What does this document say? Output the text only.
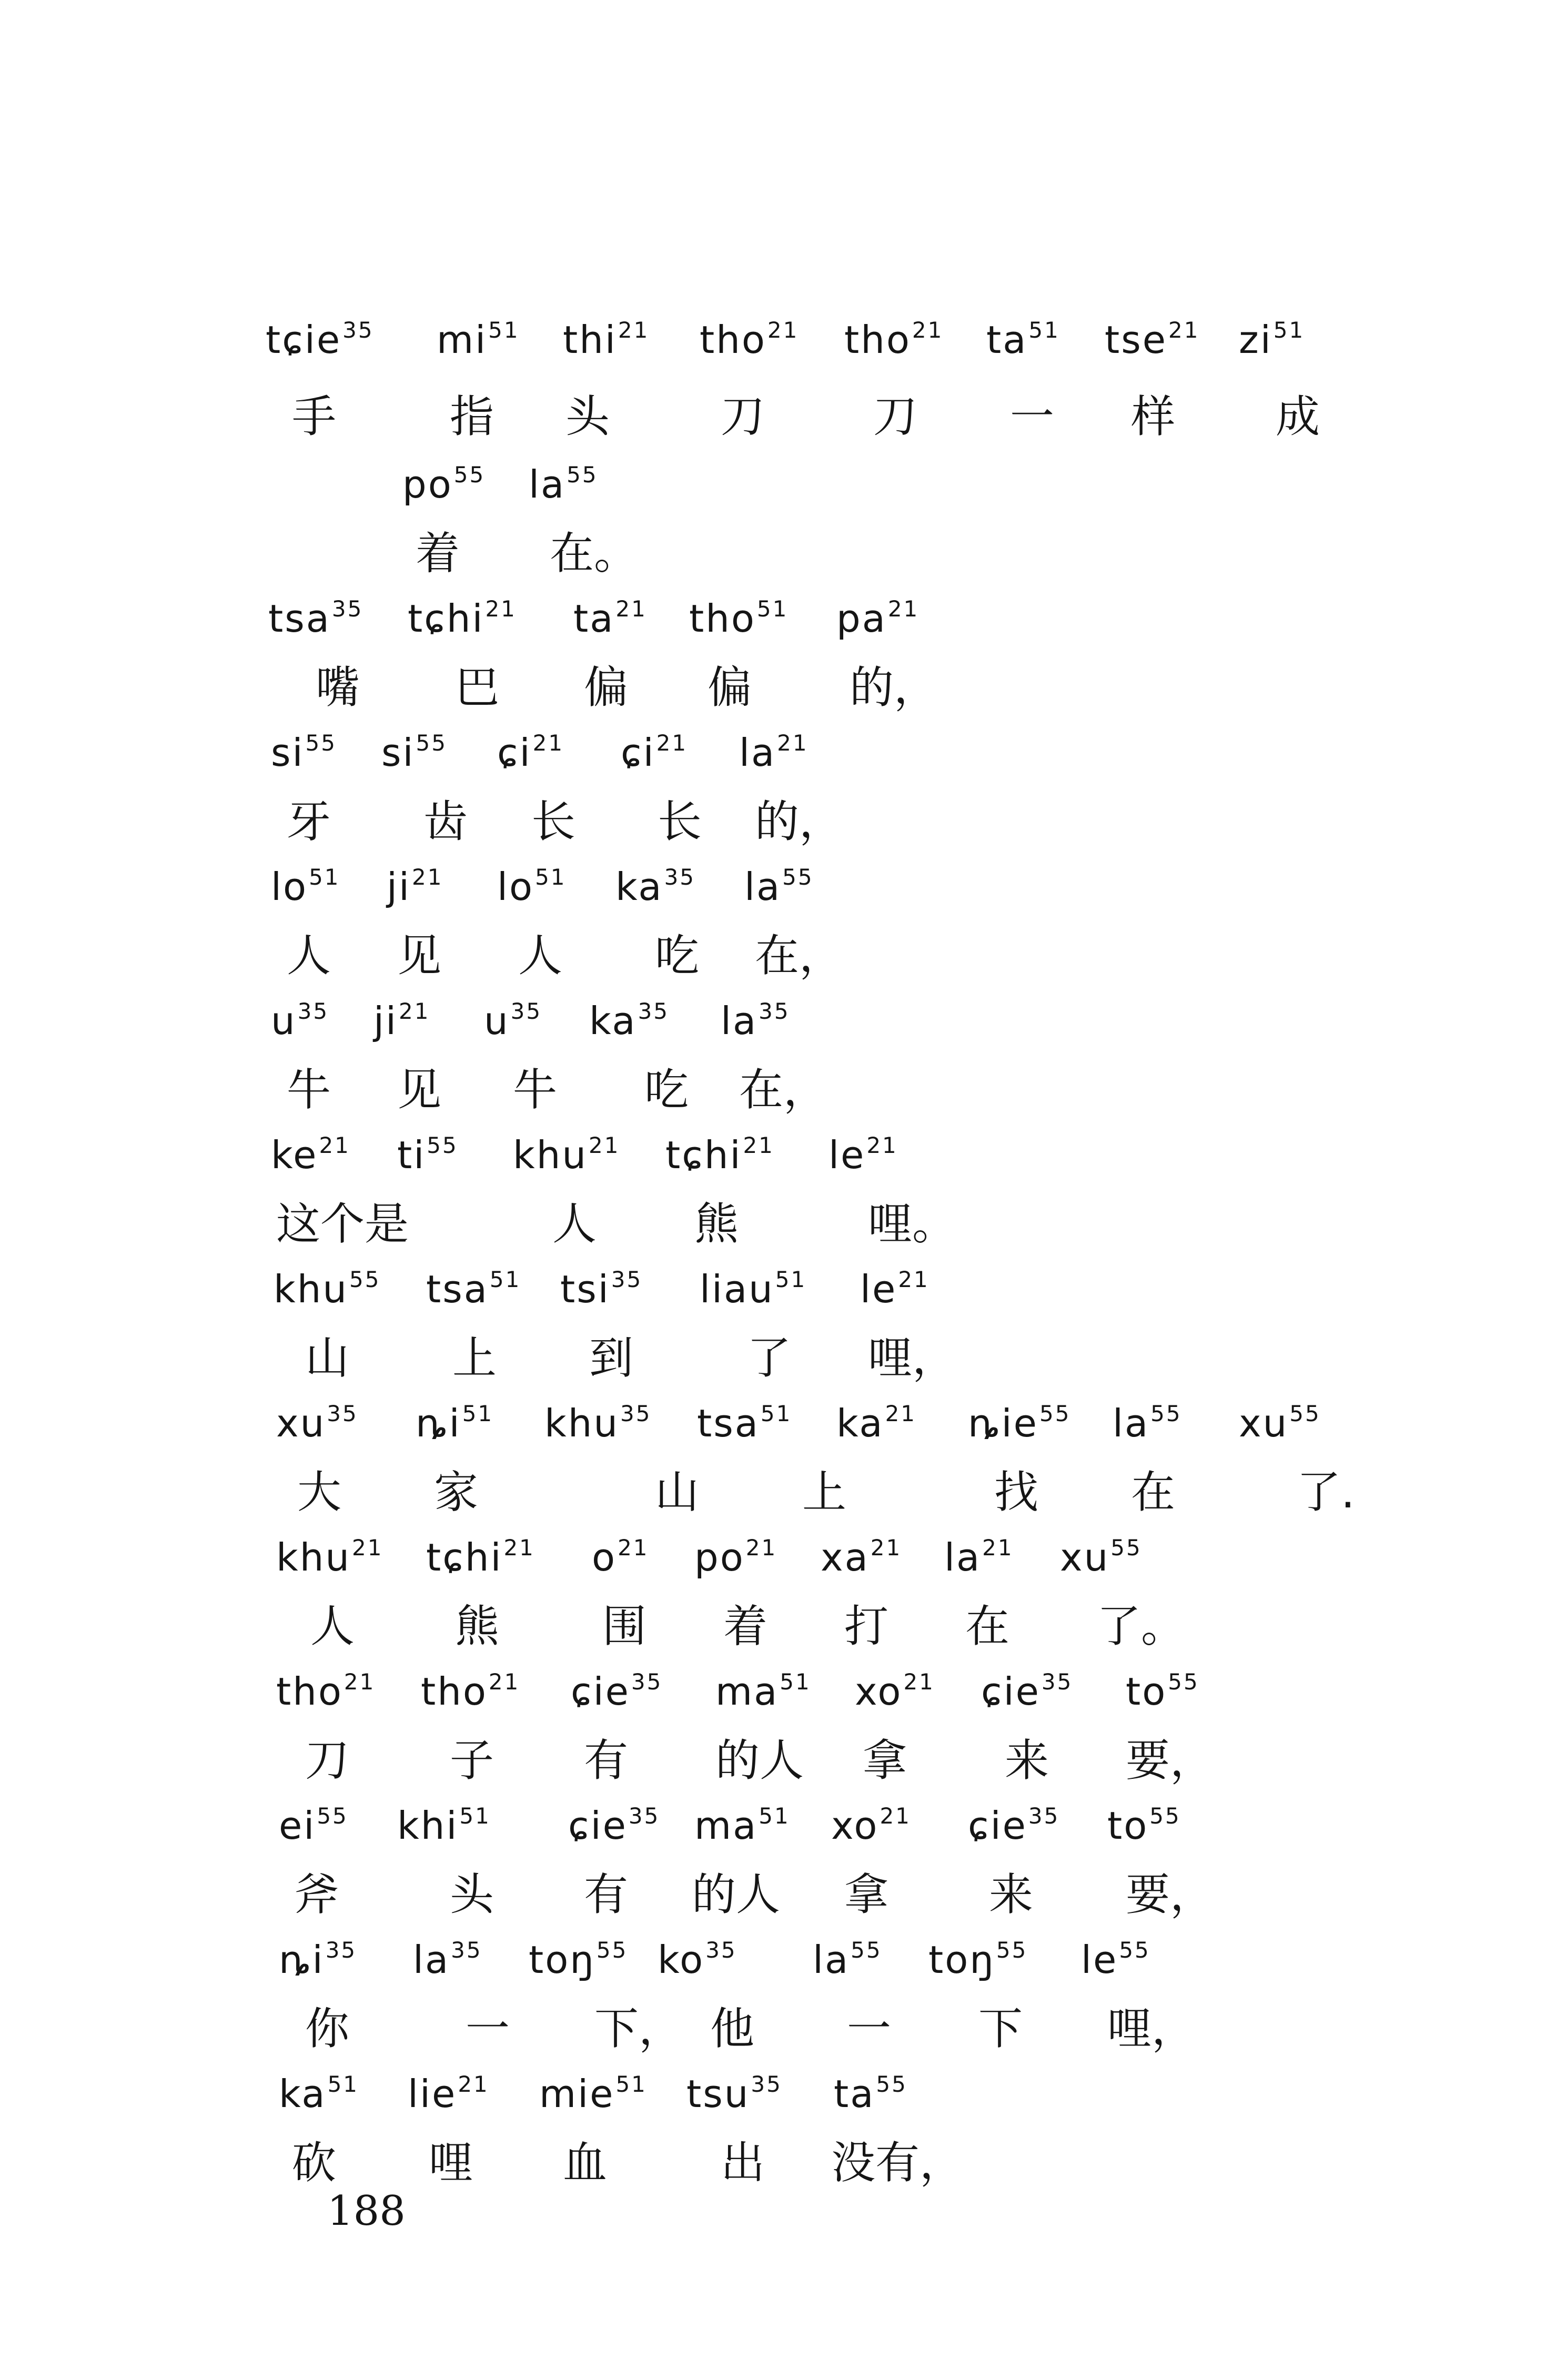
tɕie$^{35}$ $mi^{51}$ thi$^{21}$ tho$^{21}$ tho$^{21}$ $ta^{51}$ tse$^{21}$ $zi^{51}$
手	指 头	刀 刀 一 样 成
$po^{55}$ $la^{55}$
着 在。
tsa$^{35}$ tɕhi$^{21}$ $ta^{21}$ tho$^{51}$ $pa^{21}$
嘴 巴 偏 偏 的，
$si^{55}$ $si^{55}$ ɕi$^{21}$ ɕi$^{21}$ $la^{21}$
牙 齿 长 长 的，
$lo^{51}$ $ji^{21}$ $lo^{51}$ $ka^{35}$ $la^{55}$
人 见 人 吃 在，
$u^{35}$ $ji^{21}$ $u^{35}$ $ka^{35}$ $la^{35}$
牛 见 牛 吃 在，
$ke^{21}$ $ti^{55}$ khu$^{21}$ tɕhi$^{21}$ $le^{21}$
这个是	人 熊	哩。
khu$^{55}$ tsa$^{51}$ tsi$^{35}$ liau$^{51}$ $le^{21}$
山 上 到	了 哩，
$xu^{35}$ $ȵi^{51}$ khu$^{35}$ tsa$^{51}$ $ka^{21}$ ȵie$^{55}$ $la^{55}$ $xu^{55}$
大 家	山 上	找 在	了.
khu$^{21}$ tɕhi$^{21}$ $o^{21}$ $po^{21}$ $xa^{21}$ $la^{21}$ $xu^{55}$
人 熊 围 着 打 在 了。
tho$^{21}$ tho$^{21}$ ɕie$^{35}$ $ma^{51}$ $xo^{21}$ ɕie$^{35}$ $to^{55}$
刀 子 有 的人 拿 来 要，
$ei^{55}$ khi$^{51}$ ɕie$^{35}$ $ma^{51}$ $xo^{21}$ ɕie$^{35}$ $to^{55}$
斧	头 有 的人 拿 来 要，
$ȵi^{35}$ $la^{35}$ toŋ$^{55}$ $ko^{35}$ $la^{55}$ toŋ$^{55}$ $le^{55}$
你	一 下， 他 一 下 哩，
$ka^{51}$ lie$^{21}$ mie$^{51}$ tsu$^{35}$ $ta^{55}$
砍 哩 血	出 没有，
188
